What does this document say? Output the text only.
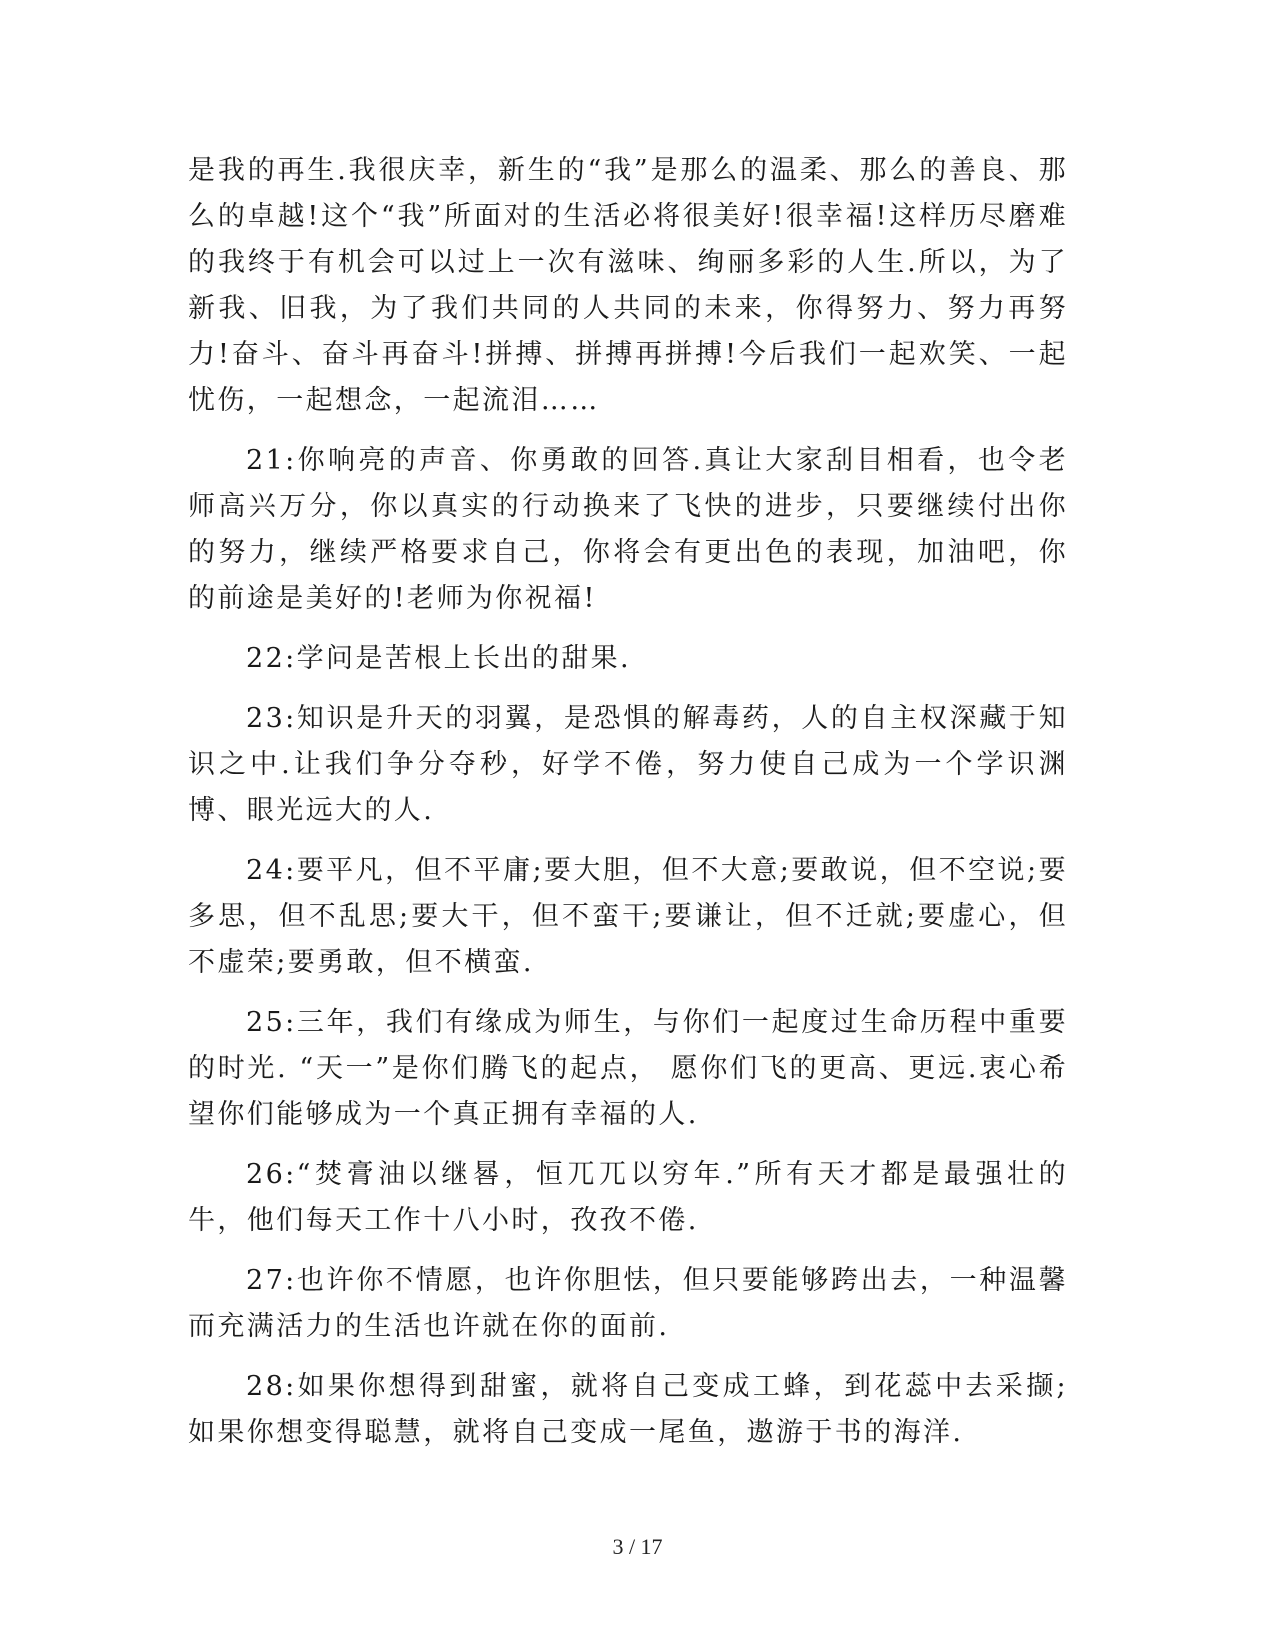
是我的再生.我很庆幸，新生的“我”是那么的温柔、那么的善良、那么的卓越!这个“我”所面对的生活必将很美好!很幸福!这样历尽磨难的我终于有机会可以过上一次有滋味、绚丽多彩的人生.所以，为了新我、旧我，为了我们共同的人共同的未来，你得努力、努力再努力!奋斗、奋斗再奋斗!拼搏、拼搏再拼搏!今后我们一起欢笑、一起忧伤，一起想念，一起流泪……

21:你响亮的声音、你勇敢的回答.真让大家刮目相看，也令老师高兴万分，你以真实的行动换来了飞快的进步，只要继续付出你的努力，继续严格要求自己，你将会有更出色的表现，加油吧，你的前途是美好的!老师为你祝福!

22:学问是苦根上长出的甜果.

23:知识是升天的羽翼，是恐惧的解毒药，人的自主权深藏于知识之中.让我们争分夺秒，好学不倦，努力使自己成为一个学识渊博、眼光远大的人.

24:要平凡，但不平庸;要大胆，但不大意;要敢说，但不空说;要多思，但不乱思;要大干，但不蛮干;要谦让，但不迁就;要虚心，但不虚荣;要勇敢，但不横蛮.

25:三年，我们有缘成为师生，与你们一起度过生命历程中重要的时光. “天一”是你们腾飞的起点， 愿你们飞的更高、更远.衷心希望你们能够成为一个真正拥有幸福的人.

26:“焚膏油以继晷，恒兀兀以穷年.”所有天才都是最强壮的牛，他们每天工作十八小时，孜孜不倦.

27:也许你不情愿，也许你胆怯，但只要能够跨出去，一种温馨而充满活力的生活也许就在你的面前.

28:如果你想得到甜蜜，就将自己变成工蜂，到花蕊中去采撷;如果你想变得聪慧，就将自己变成一尾鱼，遨游于书的海洋.

3 / 17
